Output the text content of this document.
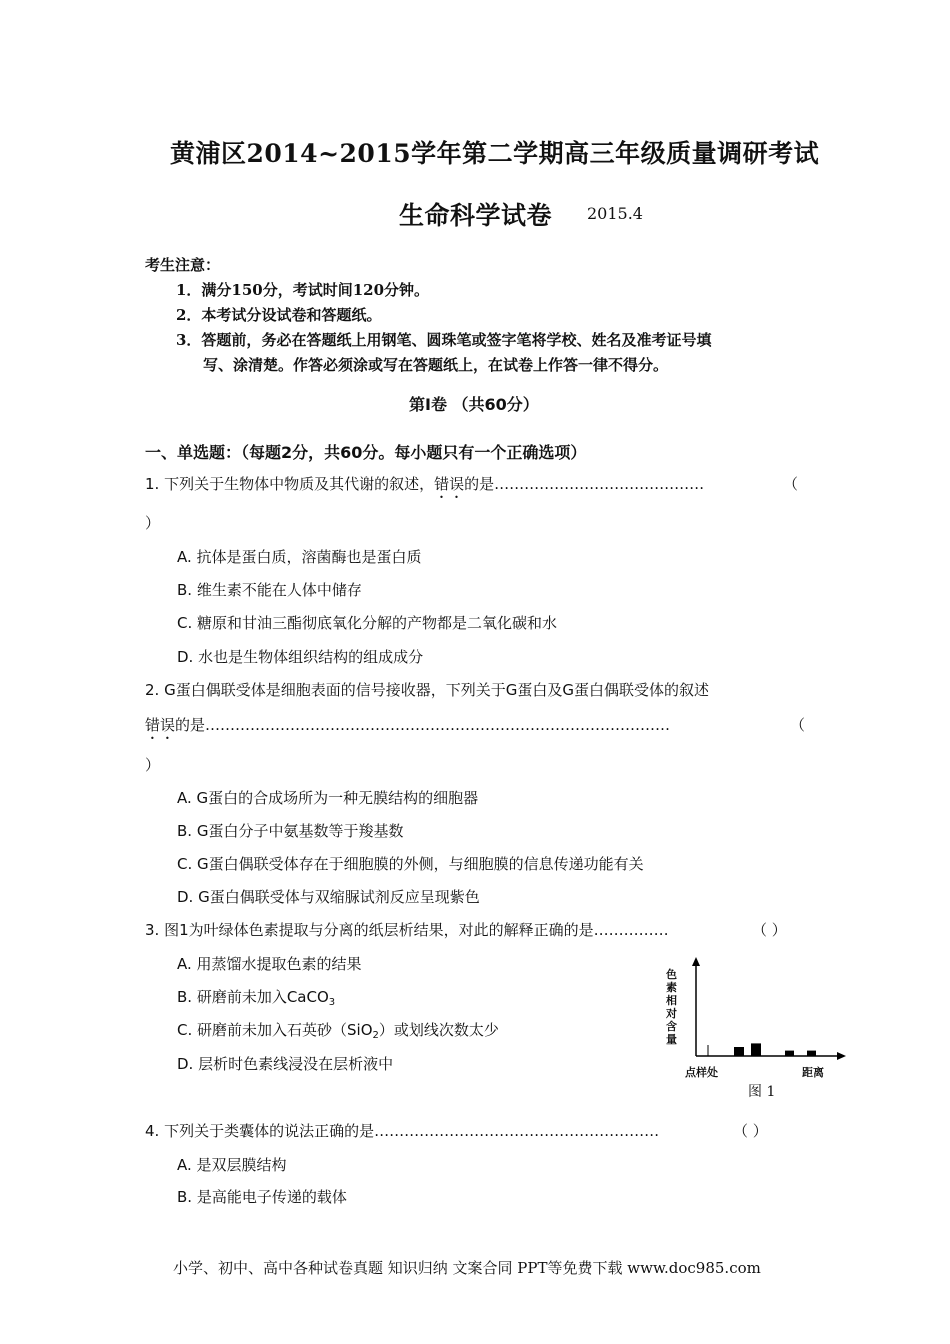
黄浦区2014~2015学年第二学期高三年级质量调研考试
生命科学试卷 2015.4
考生注意：
1．满分150分，考试时间120分钟。
2．本考试分设试卷和答题纸。
3．答题前，务必在答题纸上用钢笔、圆珠笔或签字笔将学校、姓名及准考证号填
写、涂清楚。作答必须涂或写在答题纸上，在试卷上作答一律不得分。
第I卷 （共60分）
一、单选题：（每题2分，共60分。每小题只有一个正确选项）
1. 下列关于生物体中物质及其代谢的叙述，错误的是……………………………………	（
）
A. 抗体是蛋白质，溶菌酶也是蛋白质
B. 维生素不能在人体中储存
C. 糖原和甘油三酯彻底氧化分解的产物都是二氧化碳和水
D. 水也是生物体组织结构的组成成分
2. G蛋白偶联受体是细胞表面的信号接收器，下列关于G蛋白及G蛋白偶联受体的叙述
错误的是…………………………………………………………………………………	（
）
A. G蛋白的合成场所为一种无膜结构的细胞器
B. G蛋白分子中氨基数等于羧基数
C. G蛋白偶联受体存在于细胞膜的外侧，与细胞膜的信息传递功能有关
D. G蛋白偶联受体与双缩脲试剂反应呈现紫色
3. 图1为叶绿体色素提取与分离的纸层析结果，对此的解释正确的是……………	（ ）
A. 用蒸馏水提取色素的结果
B. 研磨前未加入CaCO$_3$
C. 研磨前未加入石英砂（SiO$_2$）或划线次数太少
D. 层析时色素线浸没在层析液中
色
素
相
对
含
量
点样处	距离
图 1
4. 下列关于类囊体的说法正确的是…………………………………………………	（ ）
A. 是双层膜结构
B. 是高能电子传递的载体
小学、初中、高中各种试卷真题 知识归纳 文案合同 PPT等免费下载 www.doc985.com
